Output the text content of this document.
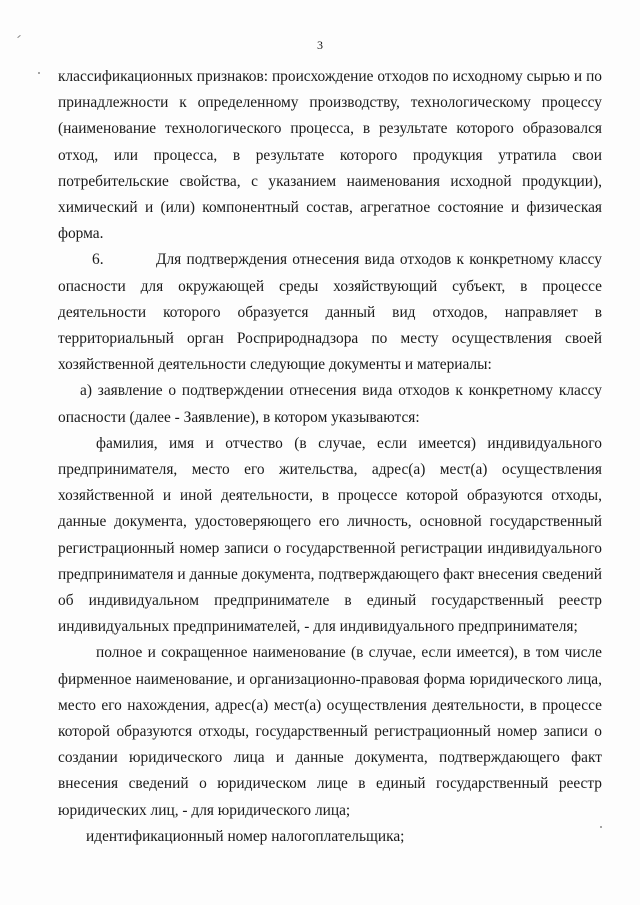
3

классификационных признаков: происхождение отходов по исходному сырью и по принадлежности к определенному производству, технологическому процессу (наименование технологического процесса, в результате которого образовался отход, или процесса, в результате которого продукция утратила свои потребительские свойства, с указанием наименования исходной продукции), химический и (или) компонентный состав, агрегатное состояние и физическая форма.

6.	Для подтверждения отнесения вида отходов к конкретному классу опасности для окружающей среды хозяйствующий субъект, в процессе деятельности которого образуется данный вид отходов, направляет в территориальный орган Росприроднадзора по месту осуществления своей хозяйственной деятельности следующие документы и материалы:

а) заявление о подтверждении отнесения вида отходов к конкретному классу опасности (далее - Заявление), в котором указываются:

фамилия, имя и отчество (в случае, если имеется) индивидуального предпринимателя, место его жительства, адрес(а) мест(а) осуществления хозяйственной и иной деятельности, в процессе которой образуются отходы, данные документа, удостоверяющего его личность, основной государственный регистрационный номер записи о государственной регистрации индивидуального предпринимателя и данные документа, подтверждающего факт внесения сведений об индивидуальном предпринимателе в единый государственный реестр индивидуальных предпринимателей, - для индивидуального предпринимателя;

полное и сокращенное наименование (в случае, если имеется), в том числе фирменное наименование, и организационно-правовая форма юридического лица, место его нахождения, адрес(а) мест(а) осуществления деятельности, в процессе которой образуются отходы, государственный регистрационный номер записи о создании юридического лица и данные документа, подтверждающего факт внесения сведений о юридическом лице в единый государственный реестр юридических лиц, - для юридического лица;

идентификационный номер налогоплательщика;
